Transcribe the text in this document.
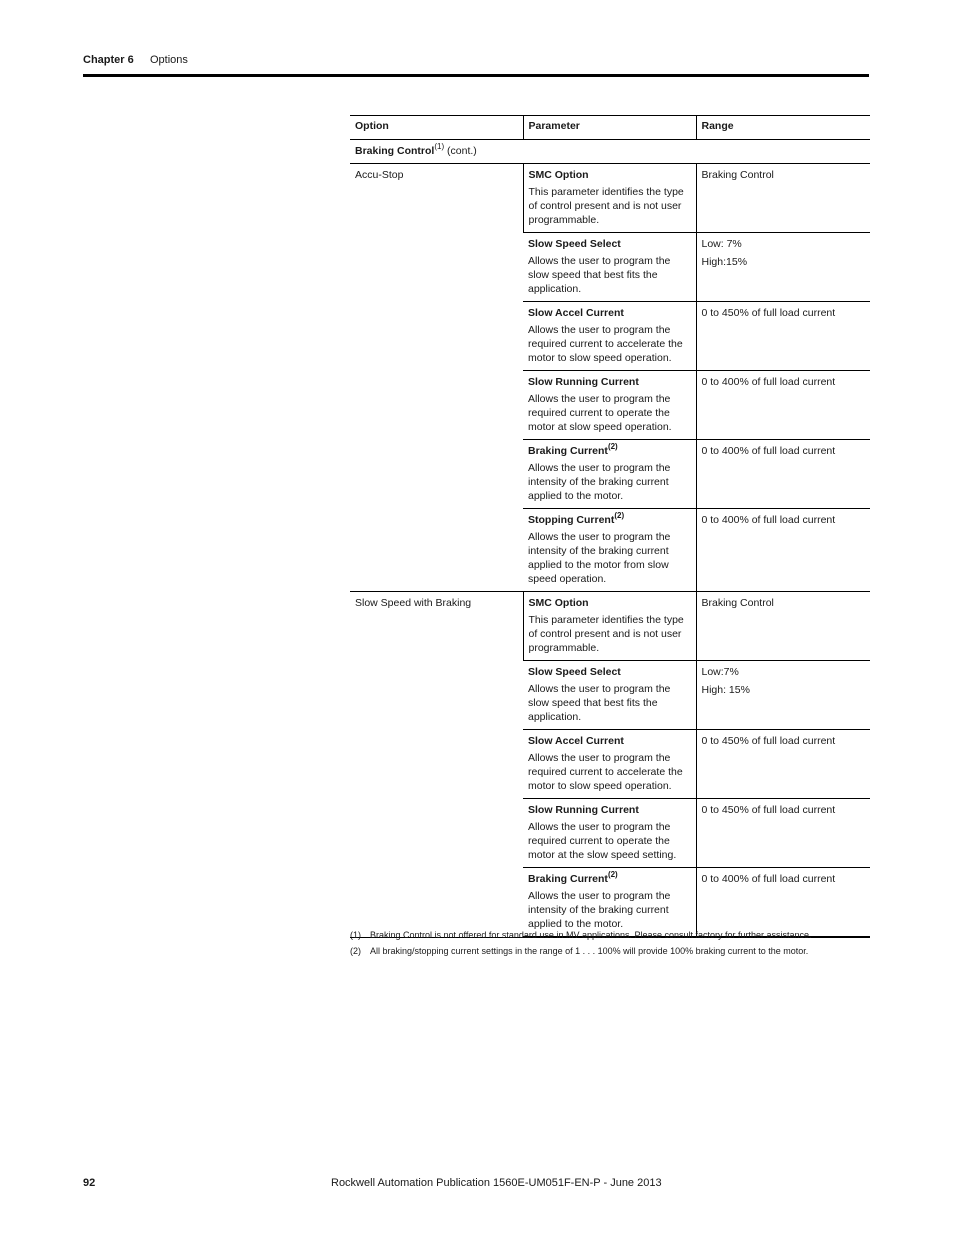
Chapter 6 Options
Option	Parameter	Range
Braking Control$^{(1)}$ (cont.)		
Accu-Stop	SMC Option
This parameter identifies the type of control present and is not user programmable.	Braking Control

	Slow Speed Select
Allows the user to program the slow speed that best fits the application.	Low: 7%
High:15%

	Slow Accel Current
Allows the user to program the required current to accelerate the motor to slow speed operation.	0 to 450% of full load current

	Slow Running Current
Allows the user to program the required current to operate the motor at slow speed operation.	0 to 400% of full load current

	Braking Current$^{(2)}$
Allows the user to program the intensity of the braking current applied to the motor.	0 to 400% of full load current

	Stopping Current$^{(2)}$
Allows the user to program the intensity of the braking current applied to the motor from slow speed operation.	0 to 400% of full load current

Slow Speed with Braking	SMC Option
This parameter identifies the type of control present and is not user programmable.	Braking Control

	Slow Speed Select
Allows the user to program the slow speed that best fits the application.	Low:7%
High: 15%

	Slow Accel Current
Allows the user to program the required current to accelerate the motor to slow speed operation.	0 to 450% of full load current

	Slow Running Current
Allows the user to program the required current to operate the motor at the slow speed setting.	0 to 450% of full load current

	Braking Current$^{(2)}$
Allows the user to program the intensity of the braking current applied to the motor.	0 to 400% of full load current
(1) Braking Control is not offered for standard use in MV applications. Please consult factory for further assistance.
(2) All braking/stopping current settings in the range of 1 . . . 100% will provide 100% braking current to the motor.
92	Rockwell Automation Publication 1560E-UM051F-EN-P - June 2013
